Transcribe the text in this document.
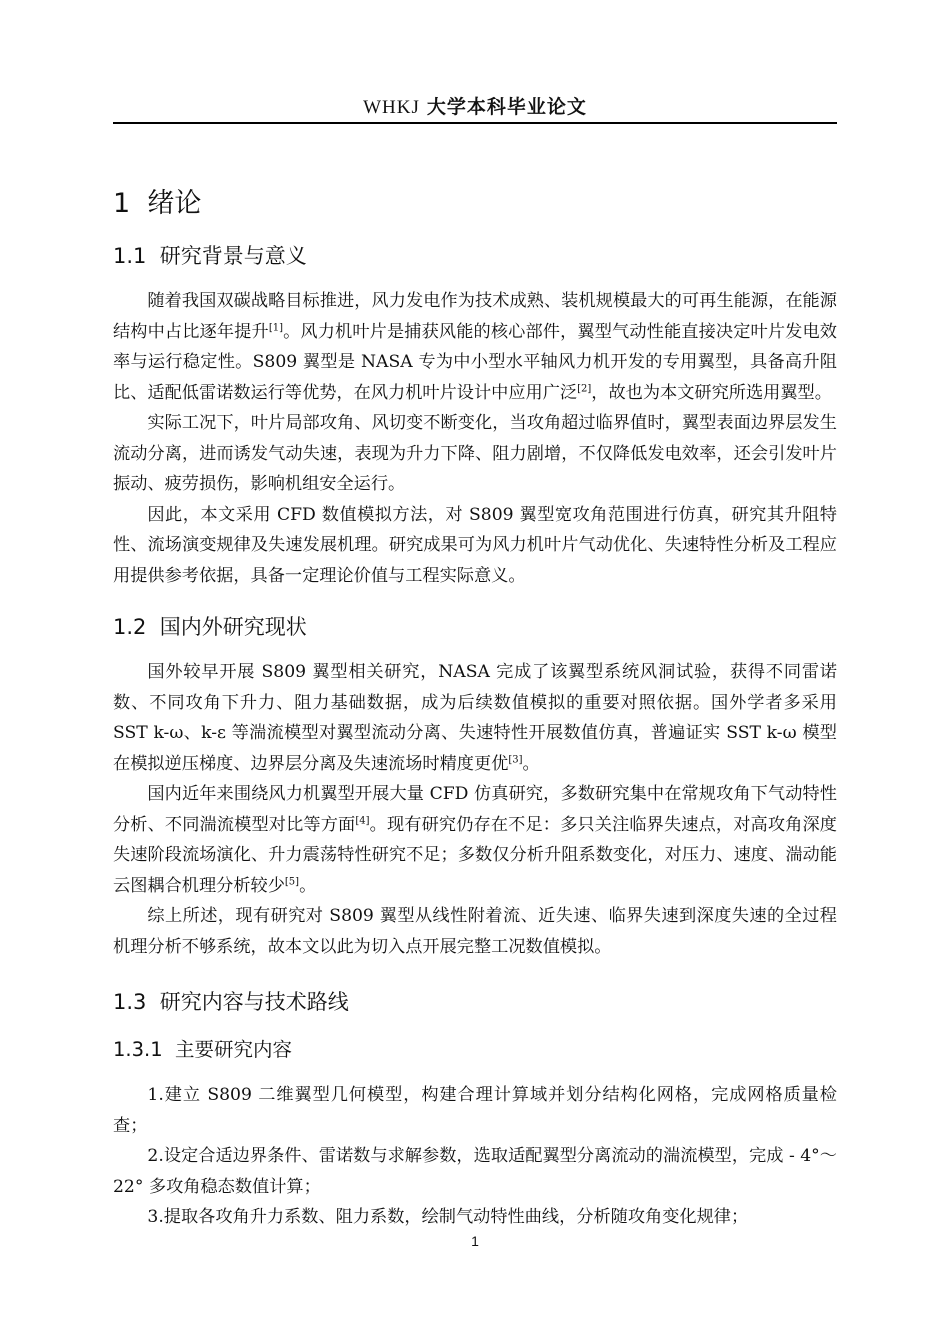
WHKJ 大学本科毕业论文
1 绪论
1.1 研究背景与意义

随着我国双碳战略目标推进，风力发电作为技术成熟、装机规模最大的可再生能源，在能源结构中占比逐年提升[1]。风力机叶片是捕获风能的核心部件，翼型气动性能直接决定叶片发电效率与运行稳定性。S809 翼型是 NASA 专为中小型水平轴风力机开发的专用翼型，具备高升阻比、适配低雷诺数运行等优势，在风力机叶片设计中应用广泛[2]，故也为本文研究所选用翼型。

实际工况下，叶片局部攻角、风切变不断变化，当攻角超过临界值时，翼型表面边界层发生流动分离，进而诱发气动失速，表现为升力下降、阻力剧增，不仅降低发电效率，还会引发叶片振动、疲劳损伤，影响机组安全运行。

因此，本文采用 CFD 数值模拟方法，对 S809 翼型宽攻角范围进行仿真，研究其升阻特性、流场演变规律及失速发展机理。研究成果可为风力机叶片气动优化、失速特性分析及工程应用提供参考依据，具备一定理论价值与工程实际意义。

1.2 国内外研究现状

国外较早开展 S809 翼型相关研究，NASA 完成了该翼型系统风洞试验，获得不同雷诺数、不同攻角下升力、阻力基础数据，成为后续数值模拟的重要对照依据。国外学者多采用 SST k-ω、k-ε 等湍流模型对翼型流动分离、失速特性开展数值仿真，普遍证实 SST k-ω 模型在模拟逆压梯度、边界层分离及失速流场时精度更优[3]。

国内近年来围绕风力机翼型开展大量 CFD 仿真研究，多数研究集中在常规攻角下气动特性分析、不同湍流模型对比等方面[4]。现有研究仍存在不足：多只关注临界失速点，对高攻角深度失速阶段流场演化、升力震荡特性研究不足；多数仅分析升阻系数变化，对压力、速度、湍动能云图耦合机理分析较少[5]。

综上所述，现有研究对 S809 翼型从线性附着流、近失速、临界失速到深度失速的全过程机理分析不够系统，故本文以此为切入点开展完整工况数值模拟。

1.3 研究内容与技术路线
1.3.1 主要研究内容

1.建立 S809 二维翼型几何模型，构建合理计算域并划分结构化网格，完成网格质量检查；

2.设定合适边界条件、雷诺数与求解参数，选取适配翼型分离流动的湍流模型，完成 - 4°～22° 多攻角稳态数值计算；

3.提取各攻角升力系数、阻力系数，绘制气动特性曲线，分析随攻角变化规律；

1
